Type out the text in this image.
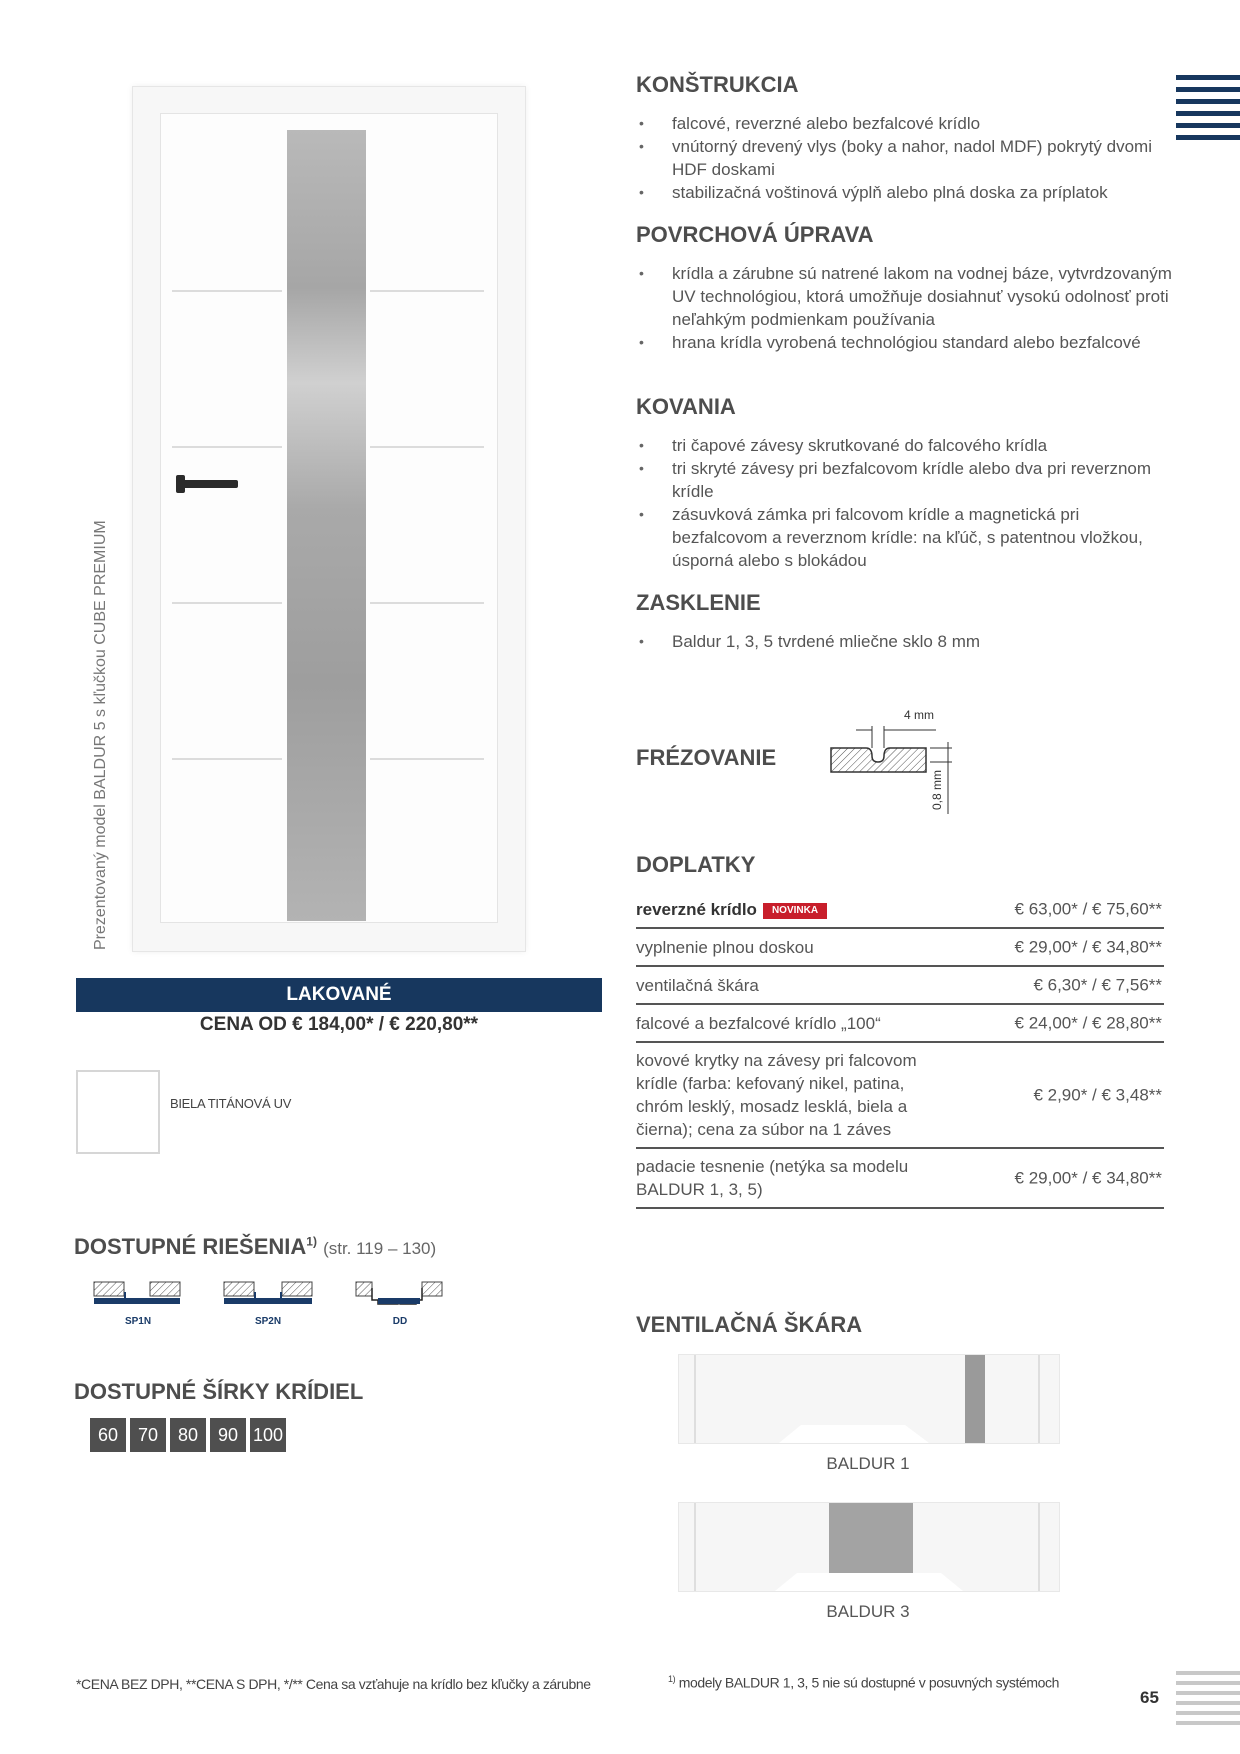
65
Prezentovaný model BALDUR 5 s kľučkou CUBE PREMIUM
LAKOVANÉ
CENA OD € 184,00* / € 220,80**
BIELA TITÁNOVÁ UV
DOSTUPNÉ RIEŠENIA$^{1)}$ (str. 119 – 130)
SP1N	SP2N	DD
DOSTUPNÉ ŠÍRKY KRÍDIEL
60 70 80 90 100
KONŠTRUKCIA
• falcové, reverzné alebo bezfalcové krídlo
• vnútorný drevený vlys (boky a nahor, nadol MDF) pokrytý dvomi HDF doskami
• stabilizačná voštinová výplň alebo plná doska za príplatok
POVRCHOVÁ ÚPRAVA
• krídla a zárubne sú natrené lakom na vodnej báze, vytvrdzovaným UV technológiou, ktorá umožňuje dosiahnuť vysokú odolnosť proti neľahkým podmienkam používania
• hrana krídla vyrobená technológiou standard alebo bezfalcové
KOVANIA
• tri čapové závesy skrutkované do falcového krídla
• tri skryté závesy pri bezfalcovom krídle alebo dva pri reverznom krídle
• zásuvková zámka pri falcovom krídle a magnetická pri bezfalcovom a reverznom krídle: na kľúč, s patentnou vložkou, úsporná alebo s blokádou
ZASKLENIE
• Baldur 1, 3, 5 tvrdené mliečne sklo 8 mm
FRÉZOVANIE
4 mm
0,8 mm
DOPLATKY
reverzné krídlo NOVINKA	€ 63,00* / € 75,60**
vyplnenie plnou doskou	€ 29,00* / € 34,80**
ventilačná škára	€ 6,30* / € 7,56**
falcové a bezfalcové krídlo „100“	€ 24,00* / € 28,80**
kovové krytky na závesy pri falcovom krídle (farba: kefovaný nikel, patina, chróm lesklý, mosadz lesklá, biela a čierna); cena za súbor na 1 záves
€ 2,90* / € 3,48**
padacie tesnenie (netýka sa modelu BALDUR 1, 3, 5)
€ 29,00* / € 34,80**
VENTILAČNÁ ŠKÁRA
BALDUR 1
BALDUR 3
*CENA BEZ DPH, **CENA S DPH, */** Cena sa vzťahuje na krídlo bez kľučky a zárubne	$^{1)}$ modely BALDUR 1, 3, 5 nie sú dostupné v posuvných systémoch
